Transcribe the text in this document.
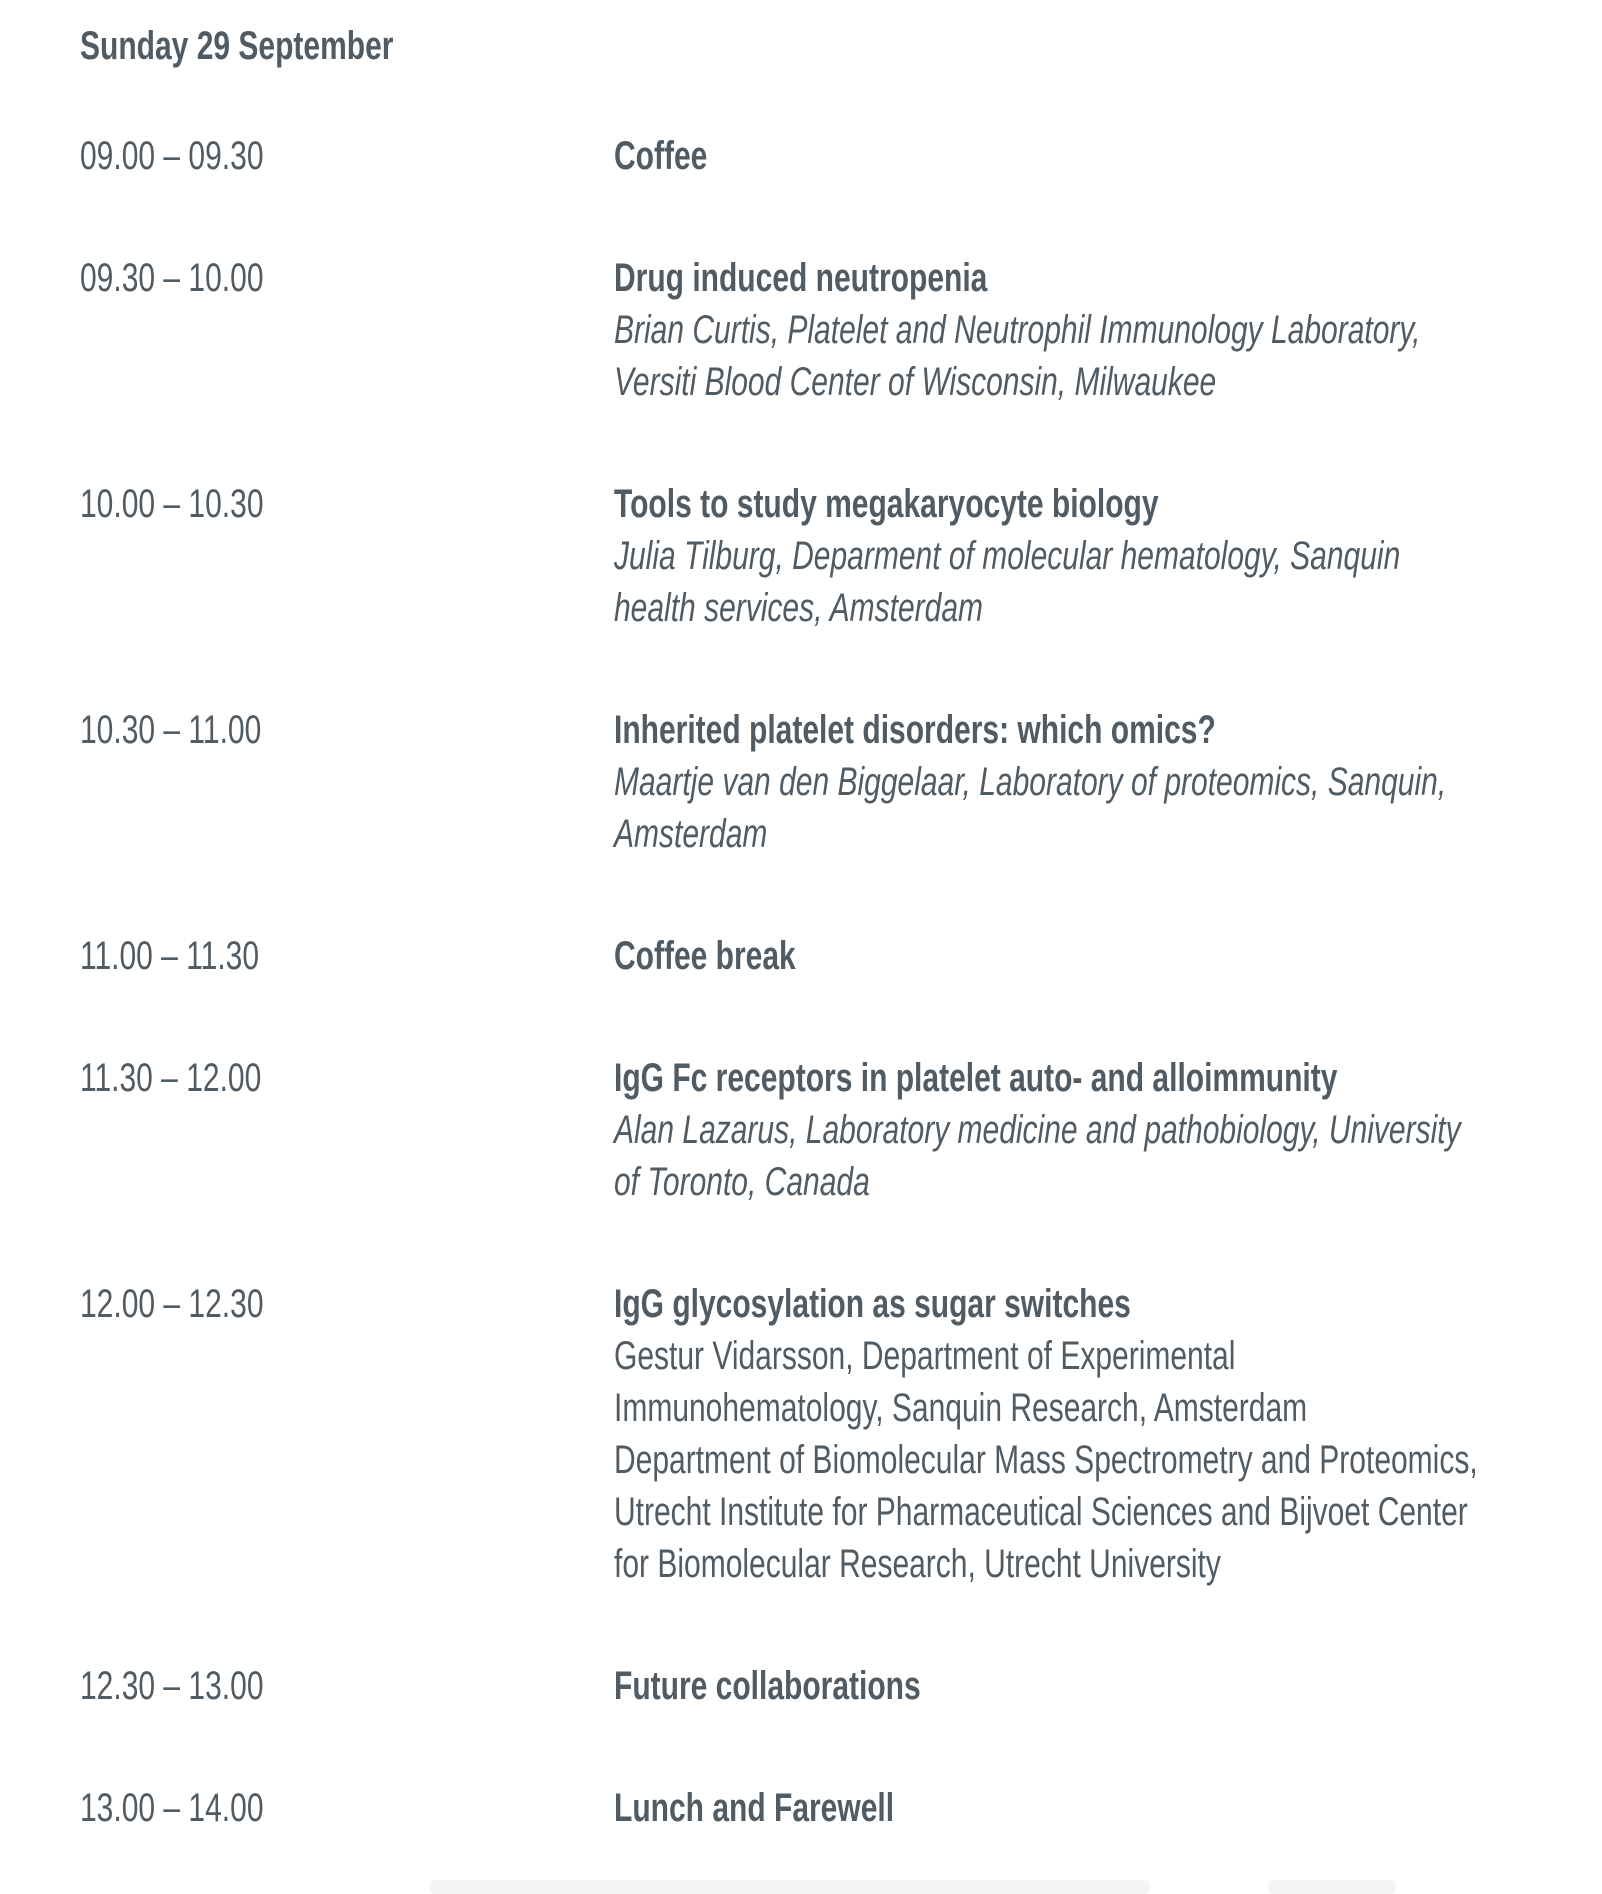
Sunday 29 September
09.00 – 09.30	Coffee
09.30 – 10.00	Drug induced neutropenia
Brian Curtis, Platelet and Neutrophil Immunology Laboratory,
Versiti Blood Center of Wisconsin, Milwaukee
10.00 – 10.30	Tools to study megakaryocyte biology
Julia Tilburg, Deparment of molecular hematology, Sanquin
health services, Amsterdam
10.30 – 11.00	Inherited platelet disorders: which omics?
Maartje van den Biggelaar, Laboratory of proteomics, Sanquin,
Amsterdam
11.00 – 11.30	Coffee break
11.30 – 12.00	IgG Fc receptors in platelet auto- and alloimmunity
Alan Lazarus, Laboratory medicine and pathobiology, University
of Toronto, Canada
12.00 – 12.30	IgG glycosylation as sugar switches
Gestur Vidarsson, Department of Experimental
Immunohematology, Sanquin Research, Amsterdam
Department of Biomolecular Mass Spectrometry and Proteomics,
Utrecht Institute for Pharmaceutical Sciences and Bijvoet Center
for Biomolecular Research, Utrecht University
12.30 – 13.00	Future collaborations
13.00 – 14.00	Lunch and Farewell
